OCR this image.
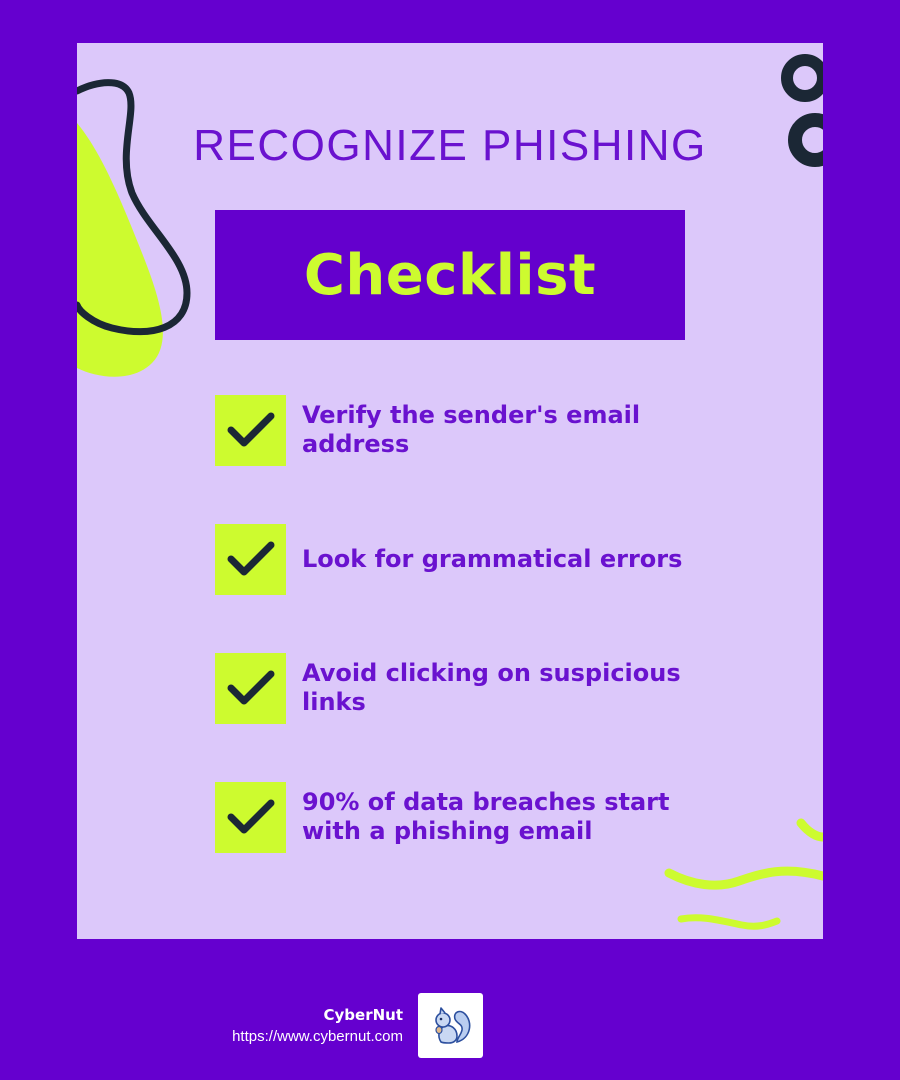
RECOGNIZE PHISHING
Checklist
Verify the sender's email address
Look for grammatical errors
Avoid clicking on suspicious links
90% of data breaches start with a phishing email
CyberNut
https://www.cybernut.com
